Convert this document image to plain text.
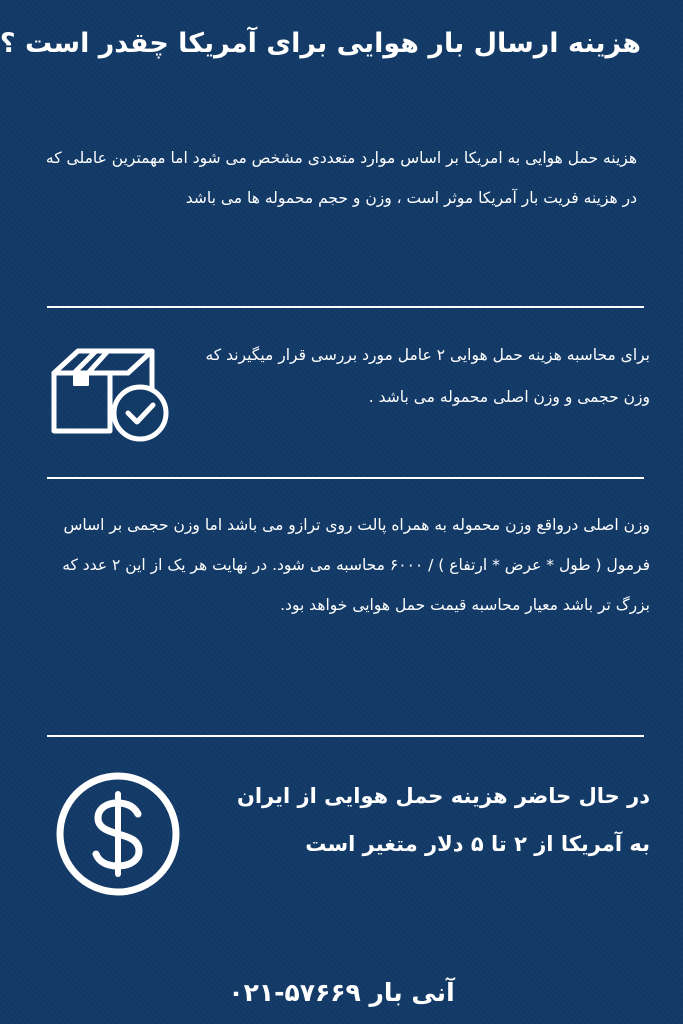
هزینه ارسال بار هوایی برای آمریکا چقدر است ؟
هزینه حمل هوایی به امریکا بر اساس موارد متعددی مشخص می شود اما مهمترین عاملی که در هزینه فریت بار آمریکا موثر است ، وزن و حجم محموله ها می باشد
برای محاسبه هزینه حمل هوایی ۲ عامل مورد بررسی قرار میگیرند که وزن حجمی و وزن اصلی محموله می باشد .
وزن اصلی درواقع وزن محموله به همراه پالت روی ترازو می باشد اما وزن حجمی بر اساس فرمول ( طول * عرض * ارتفاع ) / ۶۰۰۰ محاسبه می شود. در نهایت هر یک از این ۲ عدد که بزرگ تر باشد معیار محاسبه قیمت حمل هوایی خواهد بود.
در حال حاضر هزینه حمل هوایی از ایران به آمریکا از ۲ تا ۵ دلار متغیر است
آنی بار ۵۷۶۶۹-۰۲۱
